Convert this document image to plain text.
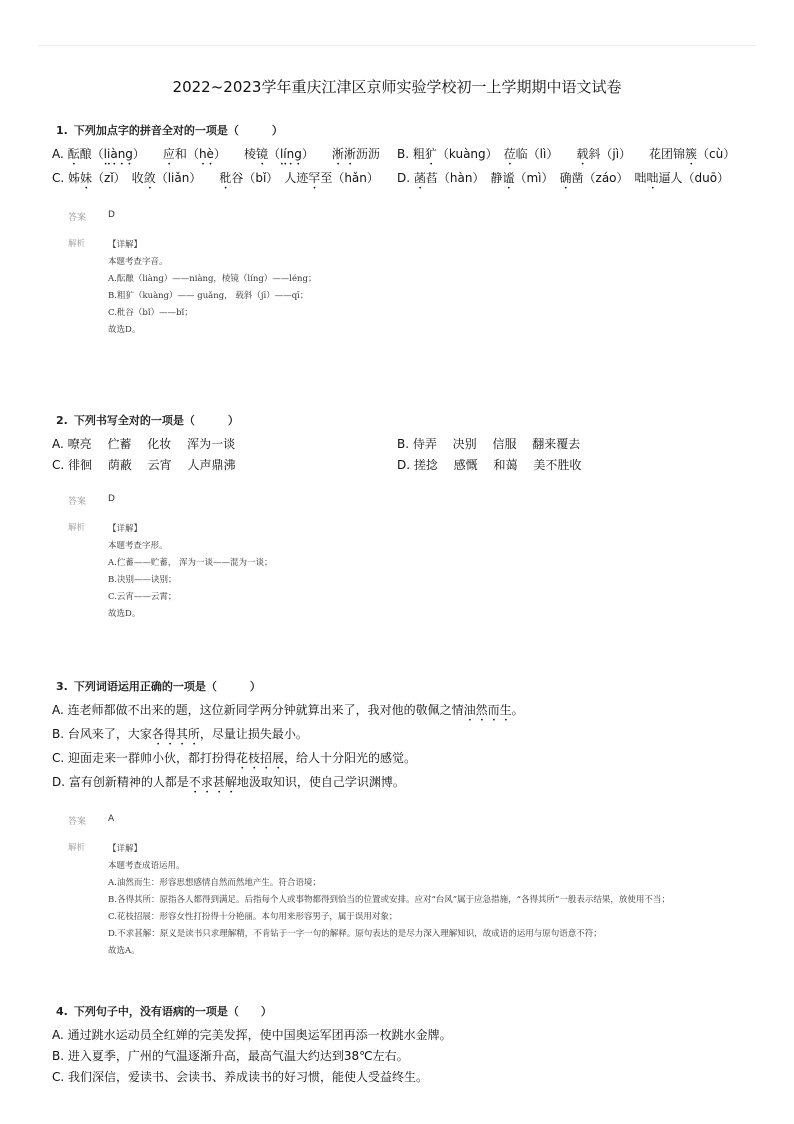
2022~2023学年重庆江津区京师实验学校初一上学期期中语文试卷
1. 下列加点字的拼音全对的一项是（　　　）
A. 酝酿（liàng）　　应和（hè）　　棱镜（líng）　　淅淅沥沥	B. 粗犷（kuàng）　莅临（lì）　　载斜（jì）　　花团锦簇（cù）
C. 姊妹（zǐ）　收敛（liǎn）　　秕谷（bǐ）　人迹罕至（hǎn）	D. 菡萏（hàn）　静谧（mì）　确凿（záo）　咄咄逼人（duō）
答案	D
解析	【详解】
本题考查字音。
A.酝酿（liàng）——niàng，棱镜（líng）——léng；
B.粗犷（kuàng）—— guǎng， 载斜（jī）——qī；
C.秕谷（bǐ）——bǐ；
故选D。
2. 下列书写全对的一项是（　　　）
A. 嘹亮　 伫蓄　 化妆　 浑为一谈	B. 侍弄　 决别　 信服　 翻来覆去
C. 徘徊　 荫蔽　 云宵　 人声鼎沸	D. 搓捻　 感慨　 和蔼　 美不胜收
答案	D
解析	【详解】
本题考查字形。
A.伫蓄——贮蓄， 浑为一谈——混为一谈；
B.决别——诀别；
C.云宵——云霄；
故选D。
3. 下列词语运用正确的一项是（　　　）
A. 连老师都做不出来的题，这位新同学两分钟就算出来了，我对他的敬佩之情油然而生。
B. 台风来了，大家各得其所，尽量让损失最小。
C. 迎面走来一群帅小伙，都打扮得花枝招展，给人十分阳光的感觉。
D. 富有创新精神的人都是不求甚解地汲取知识，使自己学识渊博。
答案	A
解析	【详解】
本题考查成语运用。
A.油然而生：形容思想感情自然而然地产生。符合语境；
B.各得其所：原指各人都得到满足。后指每个人或事物都得到恰当的位置或安排。应对“台风”属于应急措施，“各得其所”一般表示结果，放使用不当；
C.花枝招展：形容女性打扮得十分艳丽。本句用来形容男子，属于误用对象；
D.不求甚解：原义是读书只求理解精，不肯钻于一字一句的解释。原句表达的是尽力深入理解知识，故成语的运用与原句语意不符；
故选A。
4. 下列句子中，没有语病的一项是（　　）
A. 通过跳水运动员全红婵的完美发挥，使中国奥运军团再添一枚跳水金牌。
B. 进入夏季，广州的气温逐渐升高，最高气温大约达到38℃左右。
C. 我们深信，爱读书、会读书、养成读书的好习惯，能使人受益终生。
